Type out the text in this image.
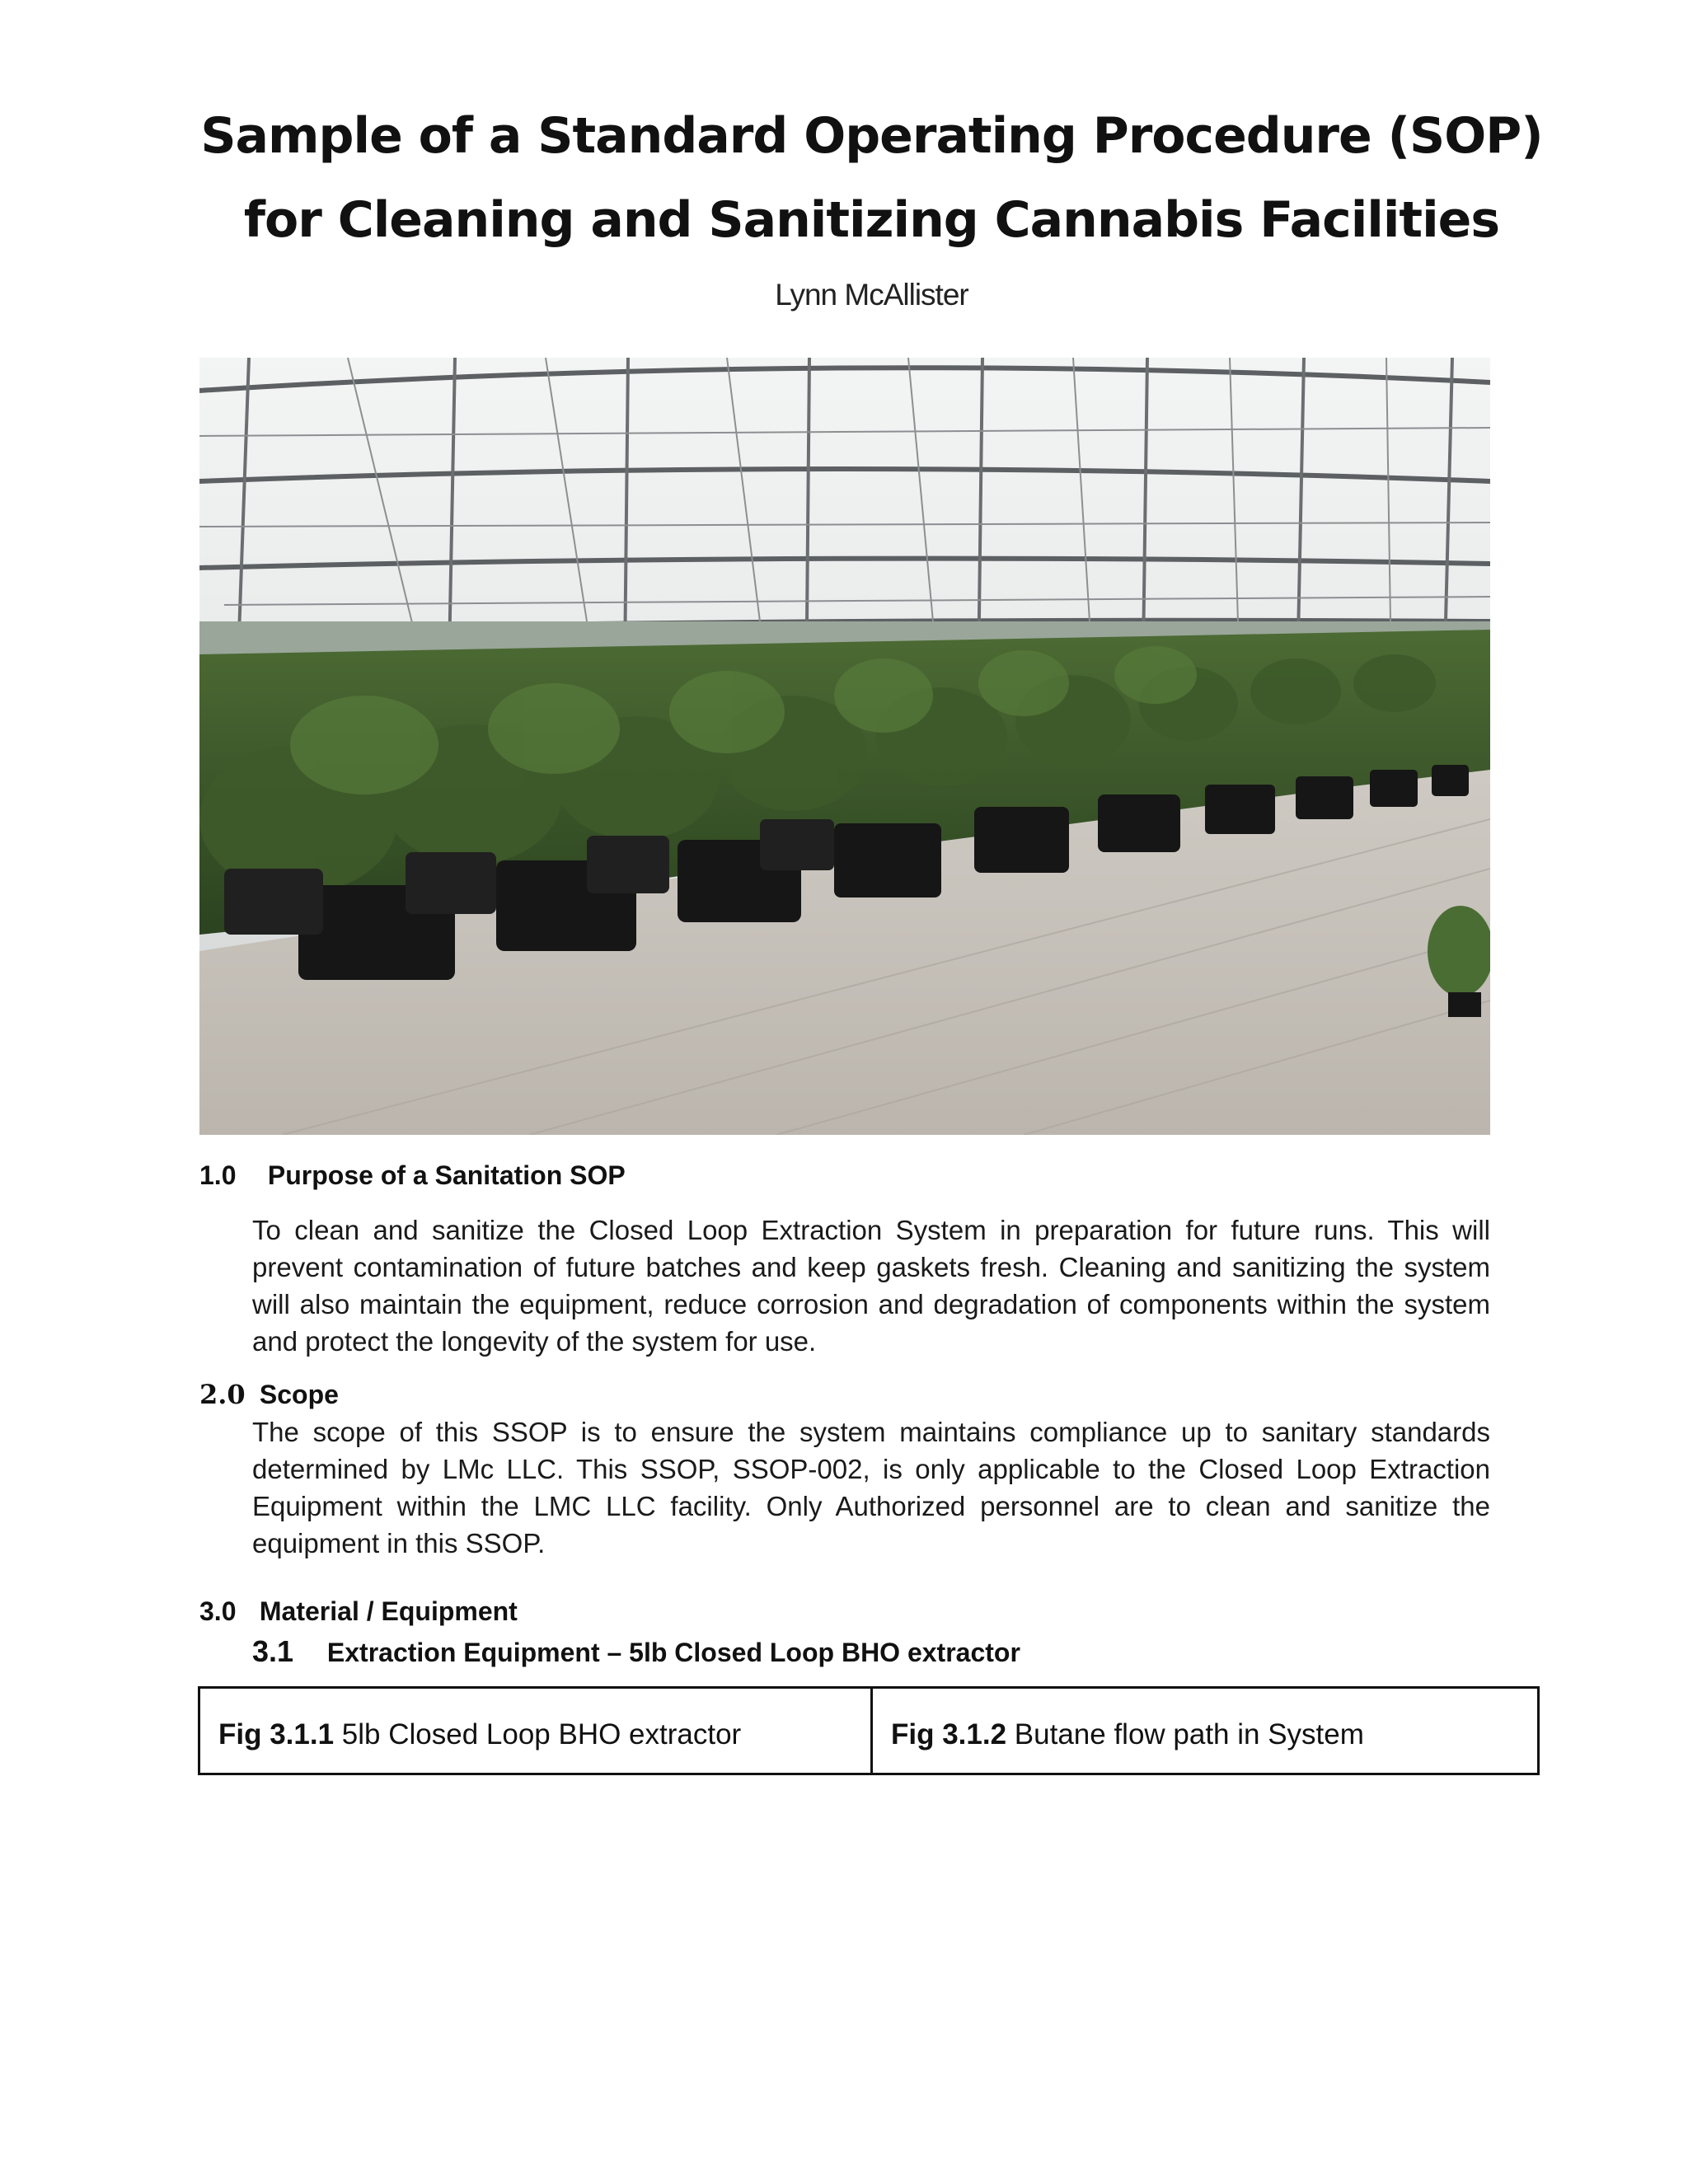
Sample of a Standard Operating Procedure (SOP)
for Cleaning and Sanitizing Cannabis Facilities
Lynn McAllister
1.0 Purpose of a Sanitation SOP
To clean and sanitize the Closed Loop Extraction System in preparation for future runs. This will prevent contamination of future batches and keep gaskets fresh. Cleaning and sanitizing the system will also maintain the equipment, reduce corrosion and degradation of components within the system and protect the longevity of the system for use.
2.0 Scope
The scope of this SSOP is to ensure the system maintains compliance up to sanitary standards determined by LMc LLC. This SSOP, SSOP-002, is only applicable to the Closed Loop Extraction Equipment within the LMC LLC facility. Only Authorized personnel are to clean and sanitize the equipment in this SSOP.
3.0 Material / Equipment
3.1 Extraction Equipment – 5lb Closed Loop BHO extractor
Fig 3.1.1 5lb Closed Loop BHO extractor	Fig 3.1.2 Butane flow path in System
